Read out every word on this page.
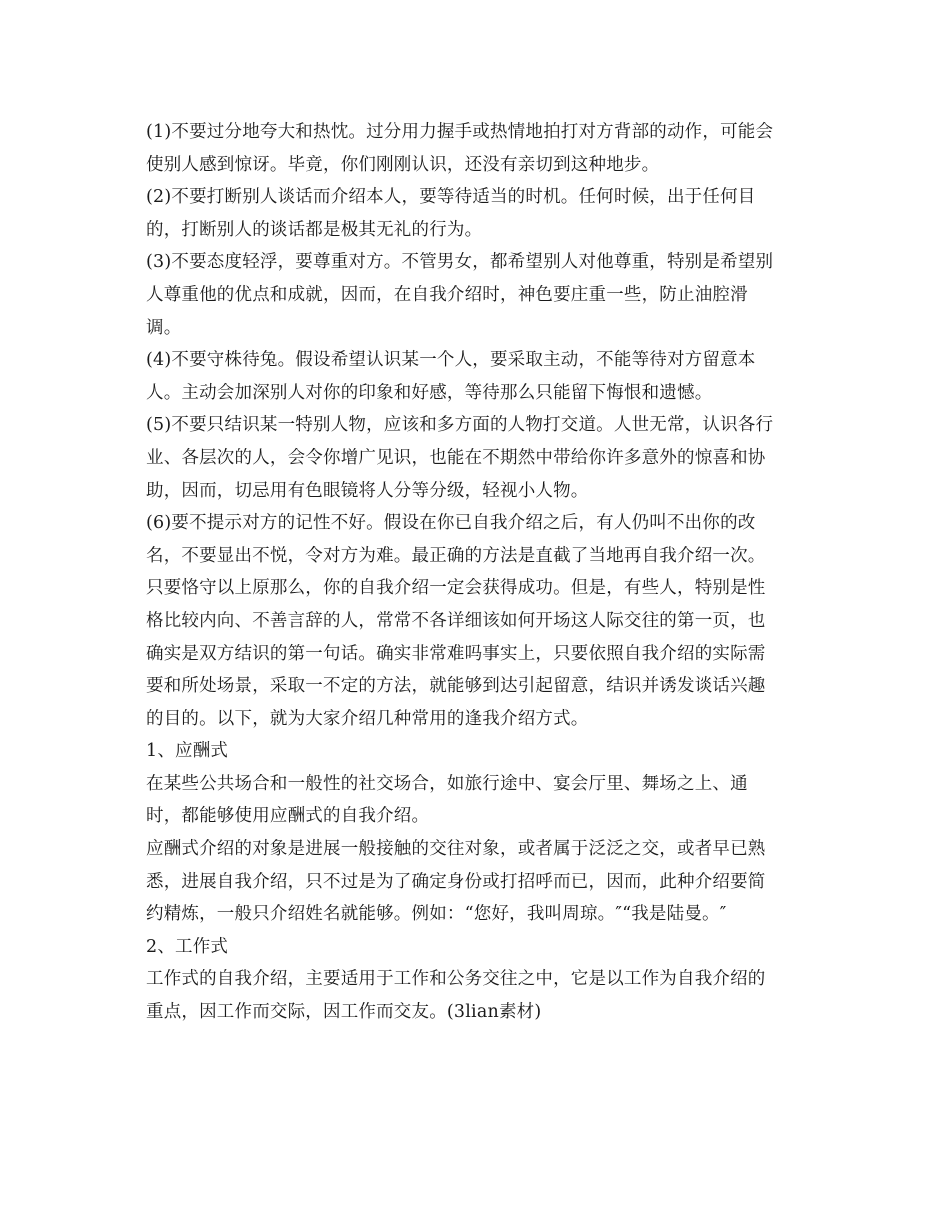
(1)不要过分地夸大和热忱。过分用力握手或热情地拍打对方背部的动作，可能会
使别人感到惊讶。毕竟，你们刚刚认识，还没有亲切到这种地步。
(2)不要打断别人谈话而介绍本人，要等待适当的时机。任何时候，出于任何目
的，打断别人的谈话都是极其无礼的行为。
(3)不要态度轻浮，要尊重对方。不管男女，都希望别人对他尊重，特别是希望别
人尊重他的优点和成就，因而，在自我介绍时，神色要庄重一些，防止油腔滑
调。
(4)不要守株待兔。假设希望认识某一个人，要采取主动，不能等待对方留意本
人。主动会加深别人对你的印象和好感，等待那么只能留下悔恨和遗憾。
(5)不要只结识某一特别人物，应该和多方面的人物打交道。人世无常，认识各行
业、各层次的人，会令你增广见识，也能在不期然中带给你许多意外的惊喜和协
助，因而，切忌用有色眼镜将人分等分级，轻视小人物。
(6)要不提示对方的记性不好。假设在你已自我介绍之后，有人仍叫不出你的改
名，不要显出不悦，令对方为难。最正确的方法是直截了当地再自我介绍一次。
只要恪守以上原那么，你的自我介绍一定会获得成功。但是，有些人，特别是性
格比较内向、不善言辞的人，常常不各详细该如何开场这人际交往的第一页，也
确实是双方结识的第一句话。确实非常难吗事实上，只要依照自我介绍的实际需
要和所处场景，采取一不定的方法，就能够到达引起留意，结识并诱发谈话兴趣
的目的。以下，就为大家介绍几种常用的逢我介绍方式。
1、应酬式
在某些公共场合和一般性的社交场合，如旅行途中、宴会厅里、舞场之上、通
时，都能够使用应酬式的自我介绍。
应酬式介绍的对象是进展一般接触的交往对象，或者属于泛泛之交，或者早已熟
悉，进展自我介绍，只不过是为了确定身份或打招呼而已，因而，此种介绍要简
约精炼，一般只介绍姓名就能够。例如：“您好，我叫周琼。″“我是陆曼。″
2、工作式
工作式的自我介绍，主要适用于工作和公务交往之中，它是以工作为自我介绍的
重点，因工作而交际，因工作而交友。(3lian素材)
